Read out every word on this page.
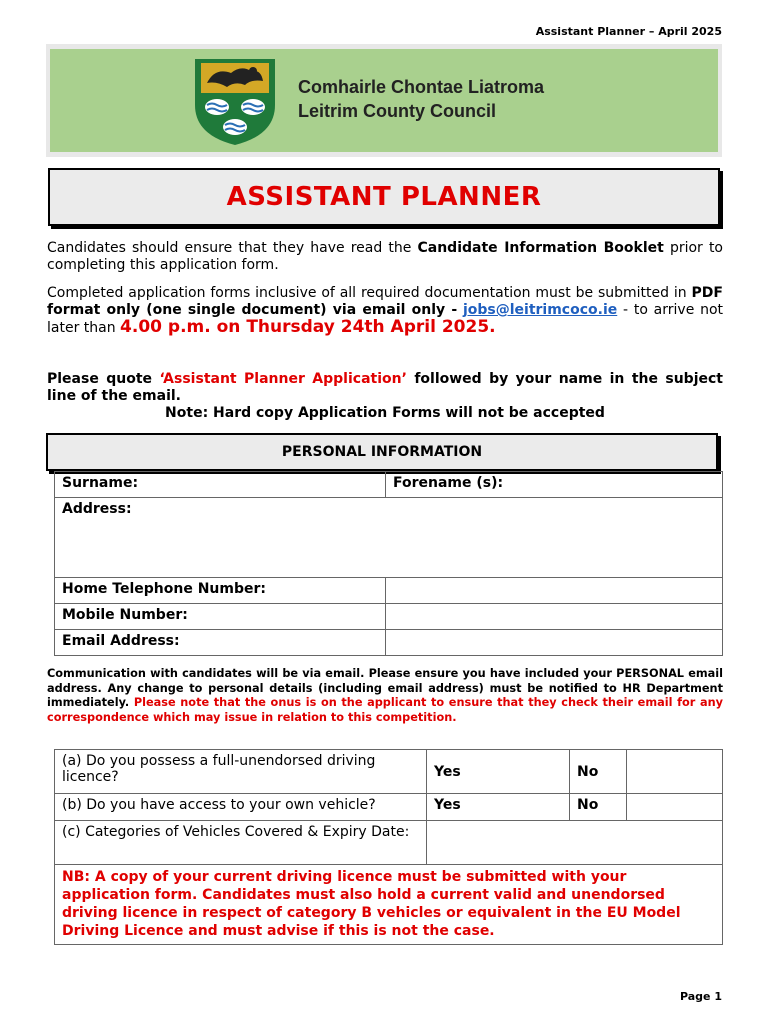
Assistant Planner – April 2025
Comhairle Chontae Liatroma
Leitrim County Council
ASSISTANT PLANNER
Candidates should ensure that they have read the Candidate Information Booklet prior to completing this application form.
Completed application forms inclusive of all required documentation must be submitted in PDF format only (one single document) via email only - jobs@leitrimcoco.ie - to arrive not later than 4.00 p.m. on Thursday 24th April 2025.
Please quote ‘Assistant Planner Application’ followed by your name in the subject line of the email.
Note: Hard copy Application Forms will not be accepted
PERSONAL INFORMATION
Surname:	Forename (s):
Address:	
Home Telephone Number:	
Mobile Number:	
Email Address:	
Communication with candidates will be via email. Please ensure you have included your PERSONAL email address. Any change to personal details (including email address) must be notified to HR Department immediately. Please note that the onus is on the applicant to ensure that they check their email for any correspondence which may issue in relation to this competition.
(a) Do you possess a full-unendorsed driving licence?	Yes	No	
(b) Do you have access to your own vehicle?	Yes	No	
(c) Categories of Vehicles Covered & Expiry Date:			
NB: A copy of your current driving licence must be submitted with your application form. Candidates must also hold a current valid and unendorsed driving licence in respect of category B vehicles or equivalent in the EU Model Driving Licence and must advise if this is not the case.			
Page 1
